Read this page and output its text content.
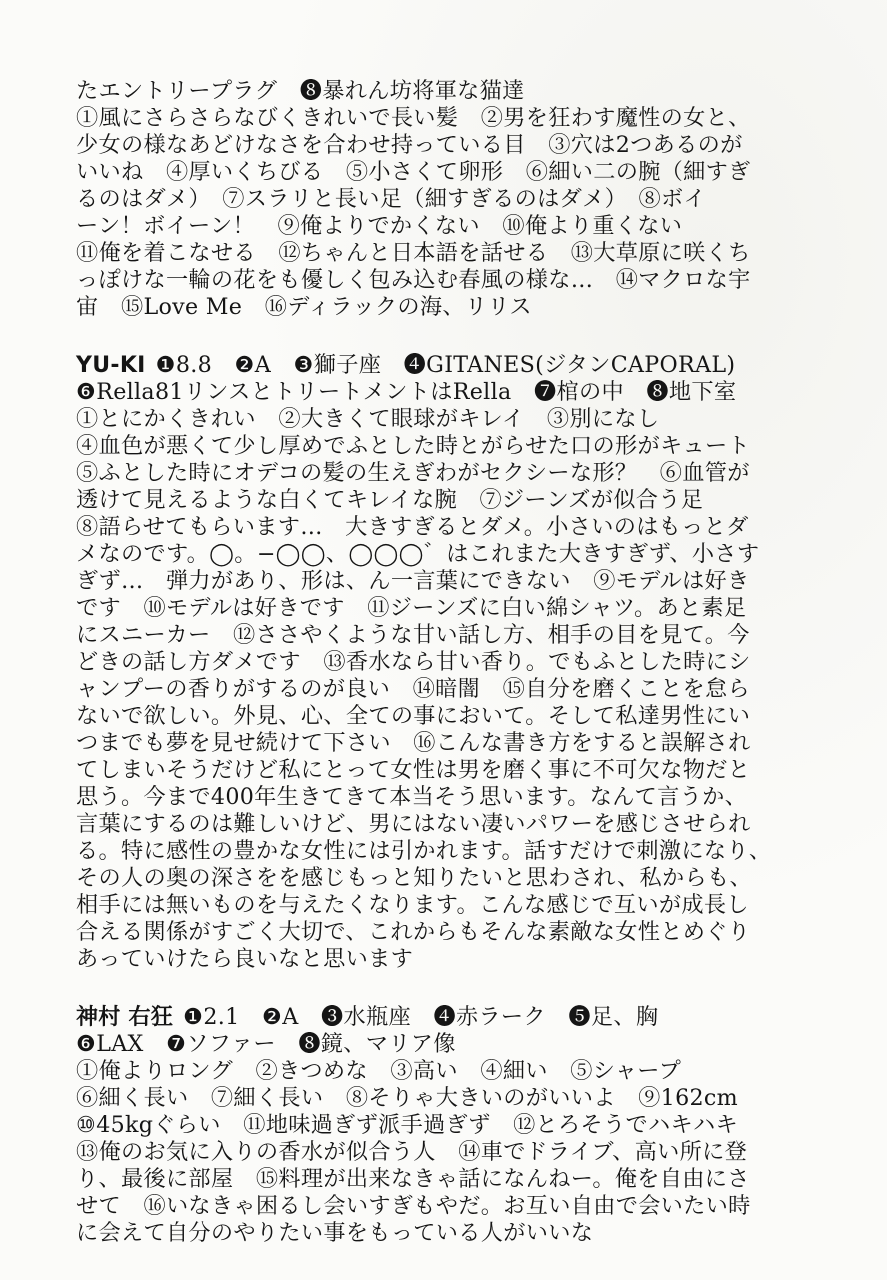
たエントリープラグ　❽暴れん坊将軍な猫達
①風にさらさらなびくきれいで長い髪　②男を狂わす魔性の女と、
少女の様なあどけなさを合わせ持っている目　③穴は2つあるのが
いいね　④厚いくちびる　⑤小さくて卵形　⑥細い二の腕（細すぎ
るのはダメ）　⑦スラリと長い足（細すぎるのはダメ）　⑧ボイ
ーン！ボイーン！　⑨俺よりでかくない　⑩俺より重くない
⑪俺を着こなせる　⑫ちゃんと日本語を話せる　⑬大草原に咲くち
っぽけな一輪の花をも優しく包み込む春風の様な…　⑭マクロな宇
宙　⑮Love Me　⑯ディラックの海、リリス
YU-KI ❶8.8　❷A　❸獅子座　❹GITANES(ジタンCAPORAL)
❻Rella81リンスとトリートメントはRella　❼棺の中　❽地下室
①とにかくきれい　②大きくて眼球がキレイ　③別になし
④血色が悪くて少し厚めでふとした時とがらせた口の形がキュート
⑤ふとした時にオデコの髪の生えぎわがセクシーな形？　⑥血管が
透けて見えるような白くてキレイな腕　⑦ジーンズが似合う足
⑧語らせてもらいます…　大きすぎるとダメ。小さいのはもっとダ
メなのです。◯。−◯◯、◯◯◯゛はこれまた大きすぎず、小さす
ぎず…　弾力があり、形は、ん一言葉にできない　⑨モデルは好き
です　⑩モデルは好きです　⑪ジーンズに白い綿シャツ。あと素足
にスニーカー　⑫ささやくような甘い話し方、相手の目を見て。今
どきの話し方ダメです　⑬香水なら甘い香り。でもふとした時にシ
ャンプーの香りがするのが良い　⑭暗闇　⑮自分を磨くことを怠ら
ないで欲しい。外見、心、全ての事において。そして私達男性にい
つまでも夢を見せ続けて下さい　⑯こんな書き方をすると誤解され
てしまいそうだけど私にとって女性は男を磨く事に不可欠な物だと
思う。今まで400年生きてきて本当そう思います。なんて言うか、
言葉にするのは難しいけど、男にはない凄いパワーを感じさせられ
る。特に感性の豊かな女性には引かれます。話すだけで刺激になり、
その人の奥の深さをを感じもっと知りたいと思わされ、私からも、
相手には無いものを与えたくなります。こんな感じで互いが成長し
合える関係がすごく大切で、これからもそんな素敵な女性とめぐり
あっていけたら良いなと思います
神村 右狂 ❶2.1　❷A　❸水瓶座　❹赤ラーク　❺足、胸
❻LAX　❼ソファー　❽鏡、マリア像
①俺よりロング　②きつめな　③高い　④細い　⑤シャープ
⑥細く長い　⑦細く長い　⑧そりゃ大きいのがいいよ　⑨162cm
⑩45kgぐらい　⑪地味過ぎず派手過ぎず　⑫とろそうでハキハキ
⑬俺のお気に入りの香水が似合う人　⑭車でドライブ、高い所に登
り、最後に部屋　⑮料理が出来なきゃ話になんねー。俺を自由にさ
せて　⑯いなきゃ困るし会いすぎもやだ。お互い自由で会いたい時
に会えて自分のやりたい事をもっている人がいいな
